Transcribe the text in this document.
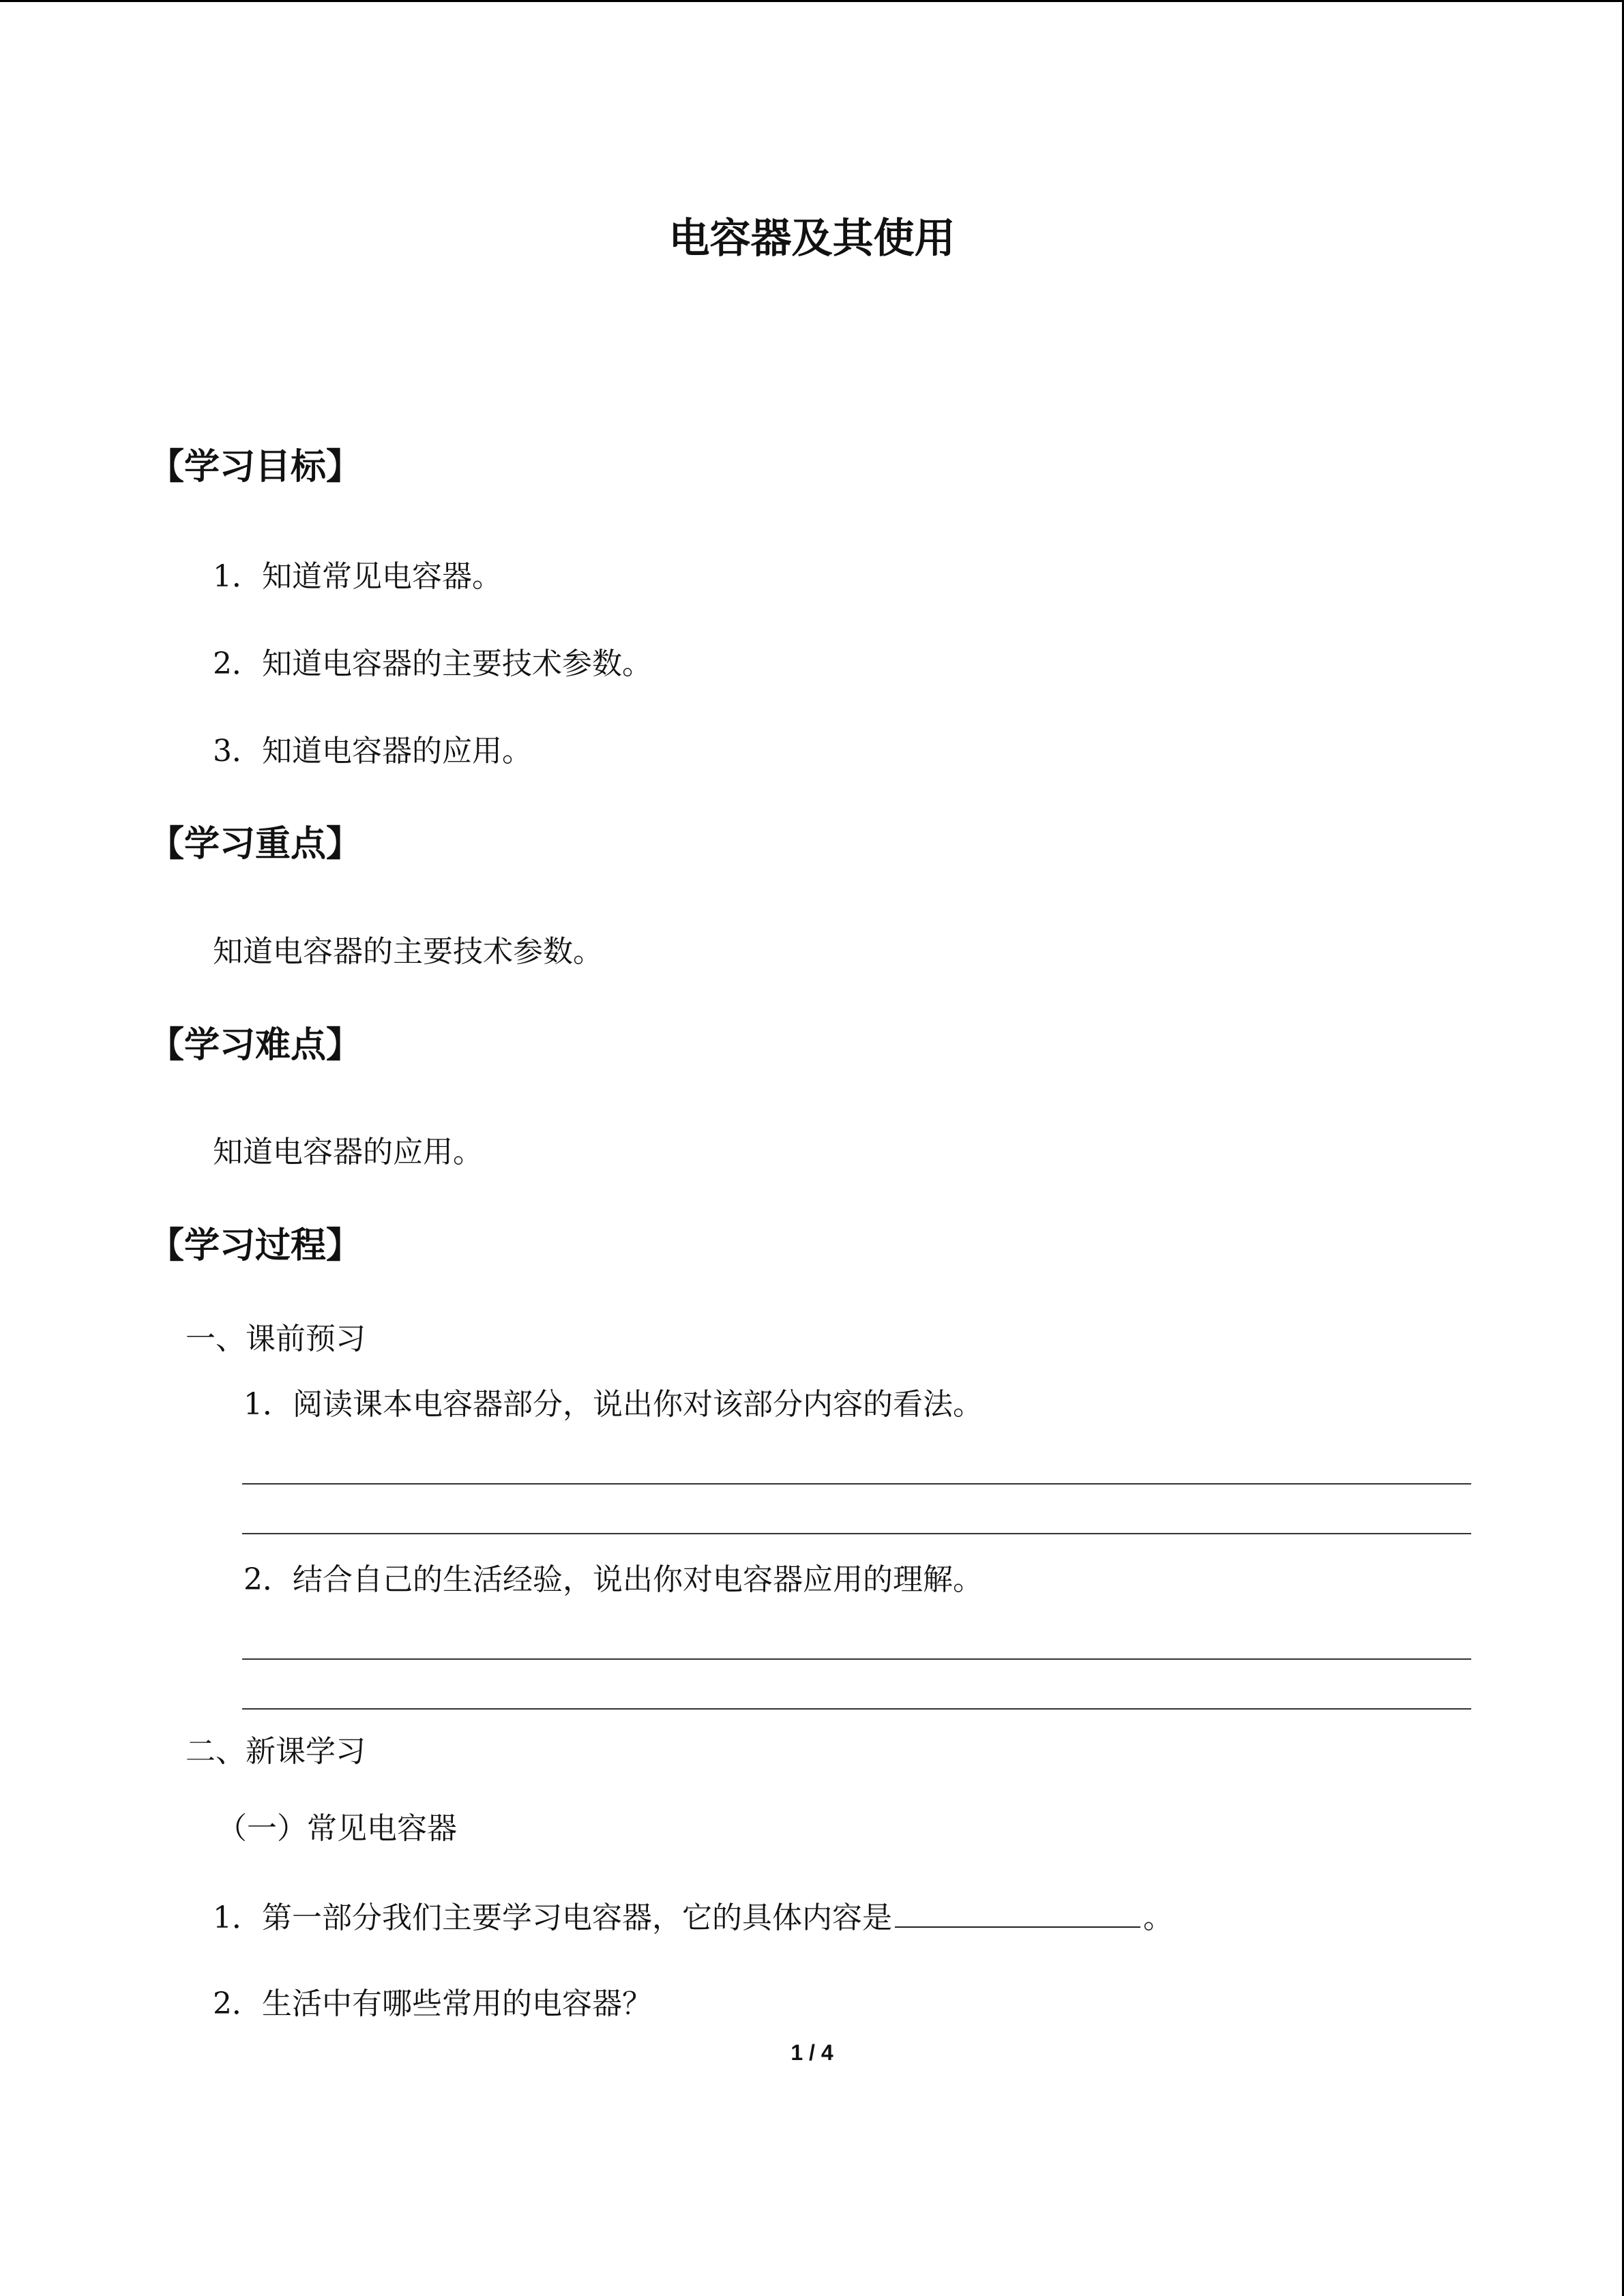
电容器及其使用
【学习目标】
1．知道常见电容器。
2．知道电容器的主要技术参数。
3．知道电容器的应用。
【学习重点】
知道电容器的主要技术参数。
【学习难点】
知道电容器的应用。
【学习过程】
一、课前预习
1．阅读课本电容器部分，说出你对该部分内容的看法。
2．结合自己的生活经验，说出你对电容器应用的理解。
二、新课学习
（一）常见电容器
1．第一部分我们主要学习电容器，它的具体内容是	。
2．生活中有哪些常用的电容器？
1 / 4
